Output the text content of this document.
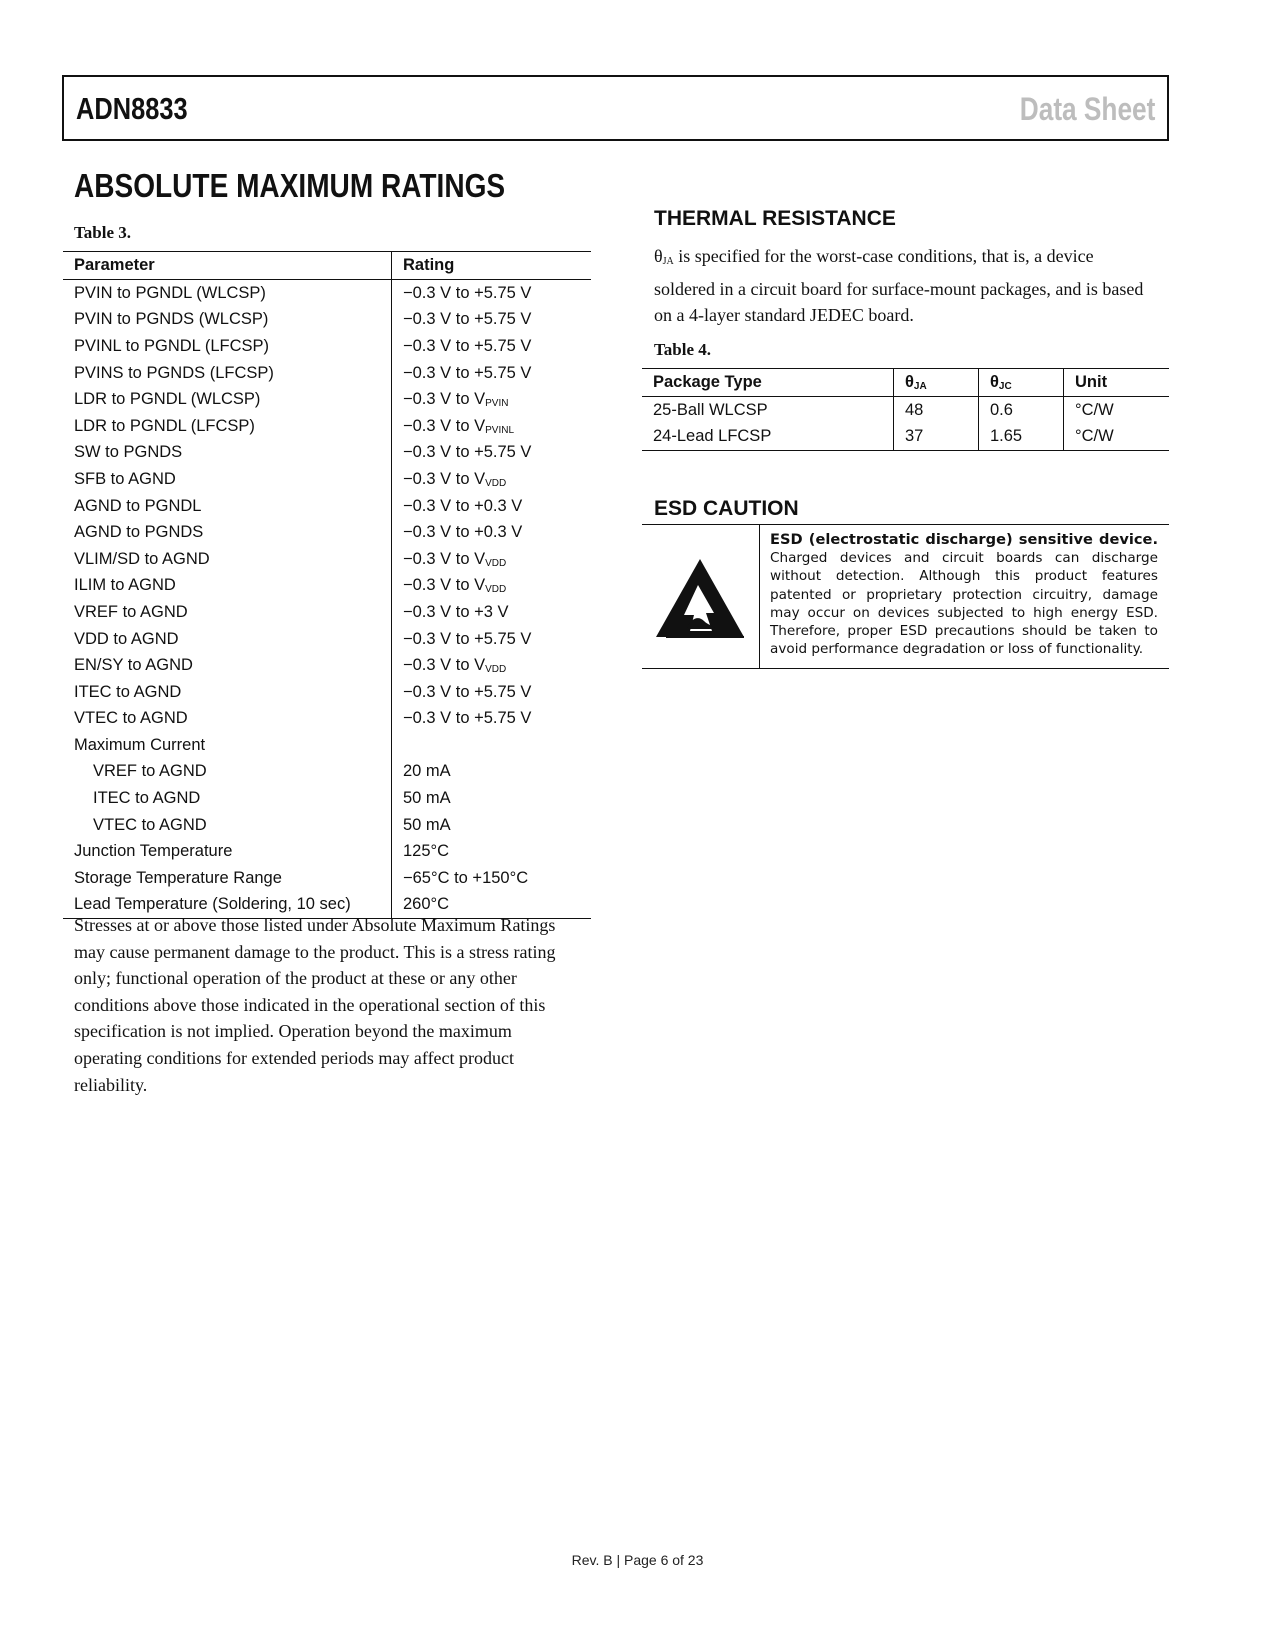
ADN8833	Data Sheet
ABSOLUTE MAXIMUM RATINGS
Table 3.
Parameter	Rating
PVIN to PGNDL (WLCSP)	−0.3 V to +5.75 V
PVIN to PGNDS (WLCSP)	−0.3 V to +5.75 V
PVINL to PGNDL (LFCSP)	−0.3 V to +5.75 V
PVINS to PGNDS (LFCSP)	−0.3 V to +5.75 V
LDR to PGNDL (WLCSP)	−0.3 V to $V_{PVIN}$
LDR to PGNDL (LFCSP)	−0.3 V to $V_{PVINL}$
SW to PGNDS	−0.3 V to +5.75 V
SFB to AGND	−0.3 V to $V_{VDD}$
AGND to PGNDL	−0.3 V to +0.3 V
AGND to PGNDS	−0.3 V to +0.3 V
VLIM/SD to AGND	−0.3 V to $V_{VDD}$
ILIM to AGND	−0.3 V to $V_{VDD}$
VREF to AGND	−0.3 V to +3 V
VDD to AGND	−0.3 V to +5.75 V
EN/SY to AGND	−0.3 V to $V_{VDD}$
ITEC to AGND	−0.3 V to +5.75 V
VTEC to AGND	−0.3 V to +5.75 V
Maximum Current	
VREF to AGND	20 mA
ITEC to AGND	50 mA
VTEC to AGND	50 mA
Junction Temperature	125°C
Storage Temperature Range	−65°C to +150°C
Lead Temperature (Soldering, 10 sec)	260°C
Stresses at or above those listed under Absolute Maximum Ratings may cause permanent damage to the product. This is a stress rating only; functional operation of the product at these or any other conditions above those indicated in the operational section of this specification is not implied. Operation beyond the maximum operating conditions for extended periods may affect product reliability.
THERMAL RESISTANCE
$\theta_{JA}$ is specified for the worst-case conditions, that is, a device soldered in a circuit board for surface-mount packages, and is based on a 4-layer standard JEDEC board.
Table 4.
Package Type	$\theta_{JA}$	$\theta_{JC}$	Unit
25-Ball WLCSP	48	0.6	°C/W
24-Lead LFCSP	37	1.65	°C/W
ESD CAUTION
ESD (electrostatic discharge) sensitive device. Charged devices and circuit boards can discharge without detection. Although this product features patented or proprietary protection circuitry, damage may occur on devices subjected to high energy ESD. Therefore, proper ESD precautions should be taken to avoid performance degradation or loss of functionality.
Rev. B | Page 6 of 23
